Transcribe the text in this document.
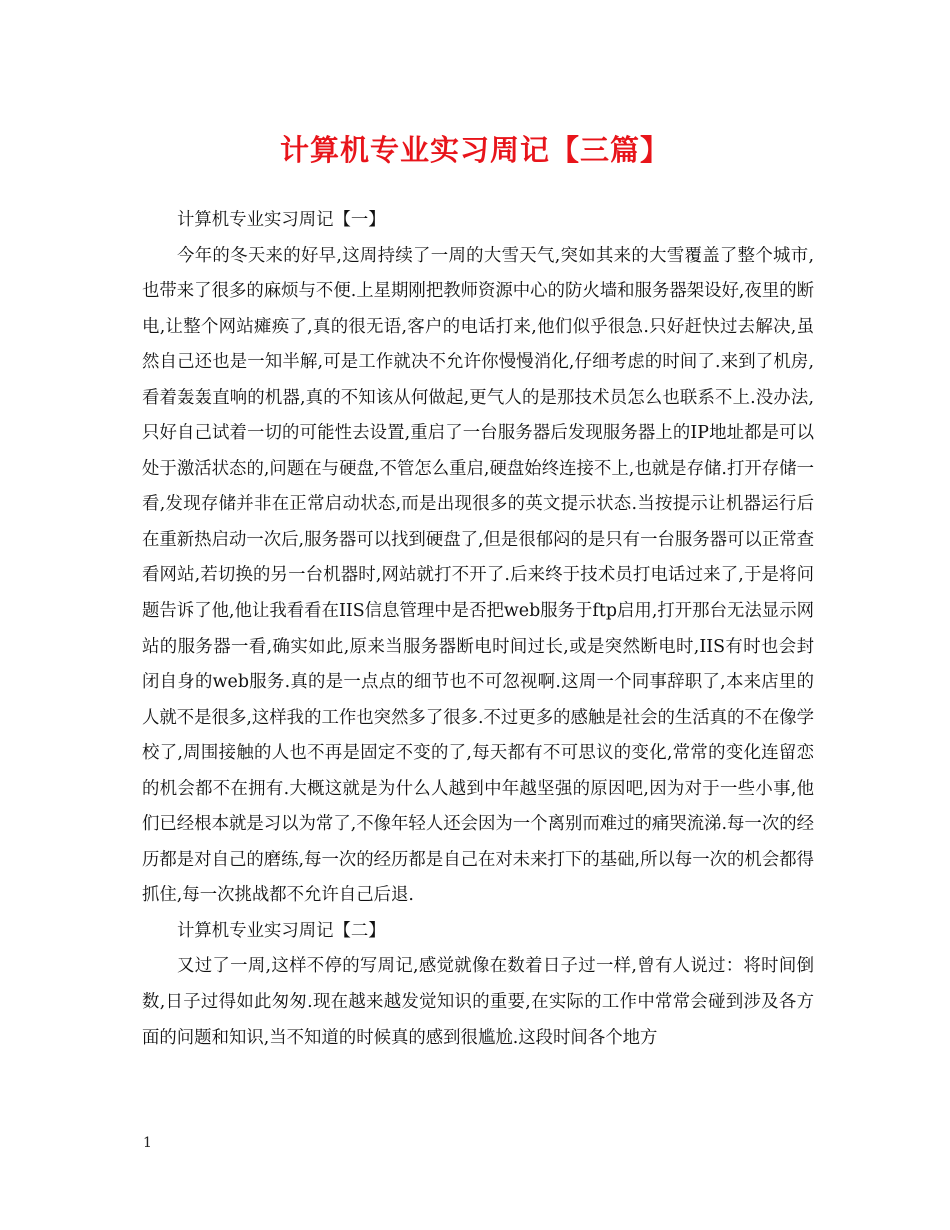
计算机专业实习周记【三篇】

计算机专业实习周记【一】

今年的冬天来的好早,这周持续了一周的大雪天气,突如其来的大雪覆盖了整个城市,也带来了很多的麻烦与不便.上星期刚把教师资源中心的防火墙和服务器架设好,夜里的断电,让整个网站瘫痪了,真的很无语,客户的电话打来,他们似乎很急.只好赶快过去解决,虽然自己还也是一知半解,可是工作就决不允许你慢慢消化,仔细考虑的时间了.来到了机房,看着轰轰直响的机器,真的不知该从何做起,更气人的是那技术员怎么也联系不上.没办法,只好自己试着一切的可能性去设置,重启了一台服务器后发现服务器上的IP地址都是可以处于激活状态的,问题在与硬盘,不管怎么重启,硬盘始终连接不上,也就是存储.打开存储一看,发现存储并非在正常启动状态,而是出现很多的英文提示状态.当按提示让机器运行后在重新热启动一次后,服务器可以找到硬盘了,但是很郁闷的是只有一台服务器可以正常查看网站,若切换的另一台机器时,网站就打不开了.后来终于技术员打电话过来了,于是将问题告诉了他,他让我看看在IIS信息管理中是否把web服务于ftp启用,打开那台无法显示网站的服务器一看,确实如此,原来当服务器断电时间过长,或是突然断电时,IIS有时也会封闭自身的web服务.真的是一点点的细节也不可忽视啊.这周一个同事辞职了,本来店里的人就不是很多,这样我的工作也突然多了很多.不过更多的感触是社会的生活真的不在像学校了,周围接触的人也不再是固定不变的了,每天都有不可思议的变化,常常的变化连留恋的机会都不在拥有.大概这就是为什么人越到中年越坚强的原因吧,因为对于一些小事,他们已经根本就是习以为常了,不像年轻人还会因为一个离别而难过的痛哭流涕.每一次的经历都是对自己的磨练,每一次的经历都是自己在对未来打下的基础,所以每一次的机会都得抓住,每一次挑战都不允许自己后退.

计算机专业实习周记【二】

又过了一周,这样不停的写周记,感觉就像在数着日子过一样,曾有人说过：将时间倒数,日子过得如此匆匆.现在越来越发觉知识的重要,在实际的工作中常常会碰到涉及各方面的问题和知识,当不知道的时候真的感到很尴尬.这段时间各个地方

1
